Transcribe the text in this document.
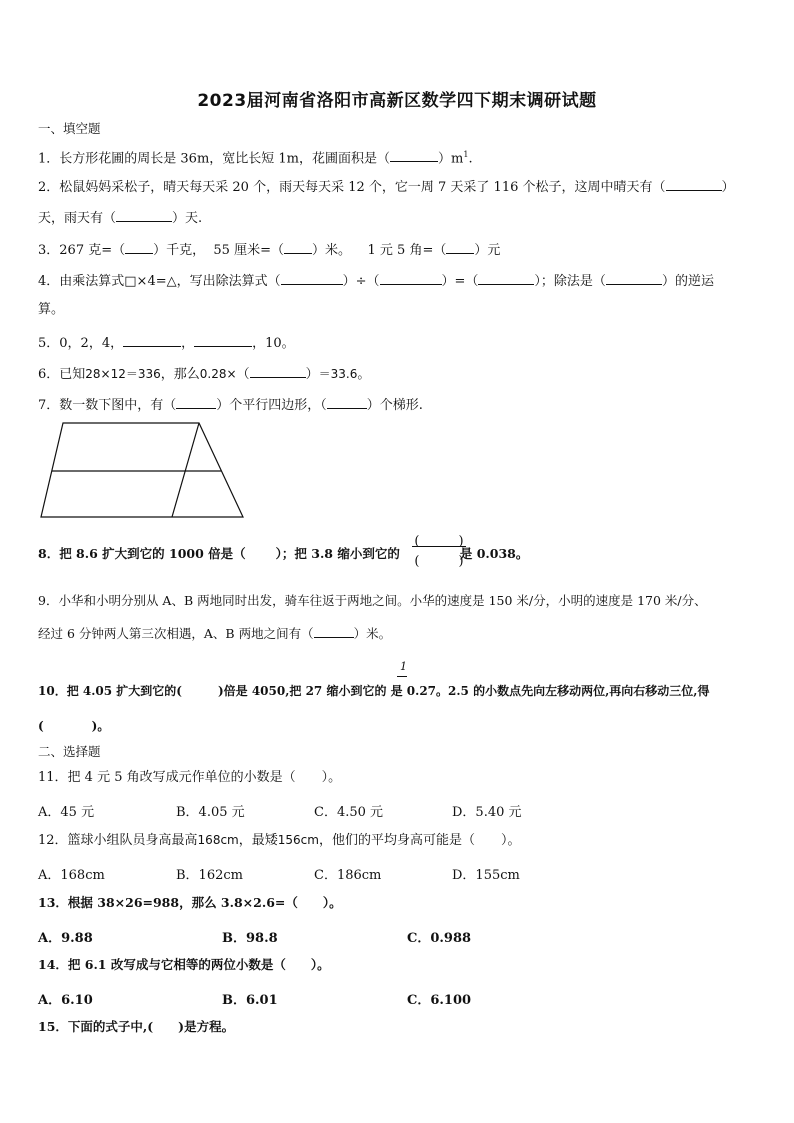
2023届河南省洛阳市高新区数学四下期末调研试题
一、填空题
1．长方形花圃的周长是 36m，宽比长短 1m，花圃面积是（	）$m^1$.
2．松鼠妈妈采松子，晴天每天采 20 个，雨天每天采 12 个，它一周 7 天采了 116 个松子，这周中晴天有（	）
天，雨天有（	）天.
3．267 克=（ ）千克， 55 厘米=（ ）米。 1 元 5 角=（ ）元
4．由乘法算式□×4=△，写出除法算式（	）÷（	）=（	）；除法是（	）的逆运
算。
5．0，2，4，	，	，10。
6．已知28×12＝336，那么0.28×（	）＝33.6。
7．数一数下图中，有（	）个平行四边形，（	）个梯形.
8．把 8.6 扩大到它的 1000 倍是（ ）；把 3.8 缩小到它的	是 0.038。
(　　　)
(　　　)
9．小华和小明分别从 A、B 两地同时出发，骑车往返于两地之间。小华的速度是 150 米/分，小明的速度是 170 米/分、
经过 6 分钟两人第三次相遇，A、B 两地之间有（	）米。
1
10．把 4.05 扩大到它的(　　　)倍是 4050,把 27 缩小到它的 是 0.27。2.5 的小数点先向左移动两位,再向右移动三位,得
(　　　　)。
二、选择题
11．把 4 元 5 角改写成元作单位的小数是（　　）。
A．45 元	B．4.05 元	C．4.50 元	D．5.40 元
12．篮球小组队员身高最高168cm，最矮156cm，他们的平均身高可能是（　　）。
A．168cm	B．162cm	C．186cm	D．155cm
13．根据 38×26=988，那么 3.8×2.6=（　　）。
A．9.88	B．98.8	C．0.988
14．把 6.1 改写成与它相等的两位小数是（　　）。
A．6.10	B．6.01	C．6.100
15．下面的式子中,(　　)是方程。
